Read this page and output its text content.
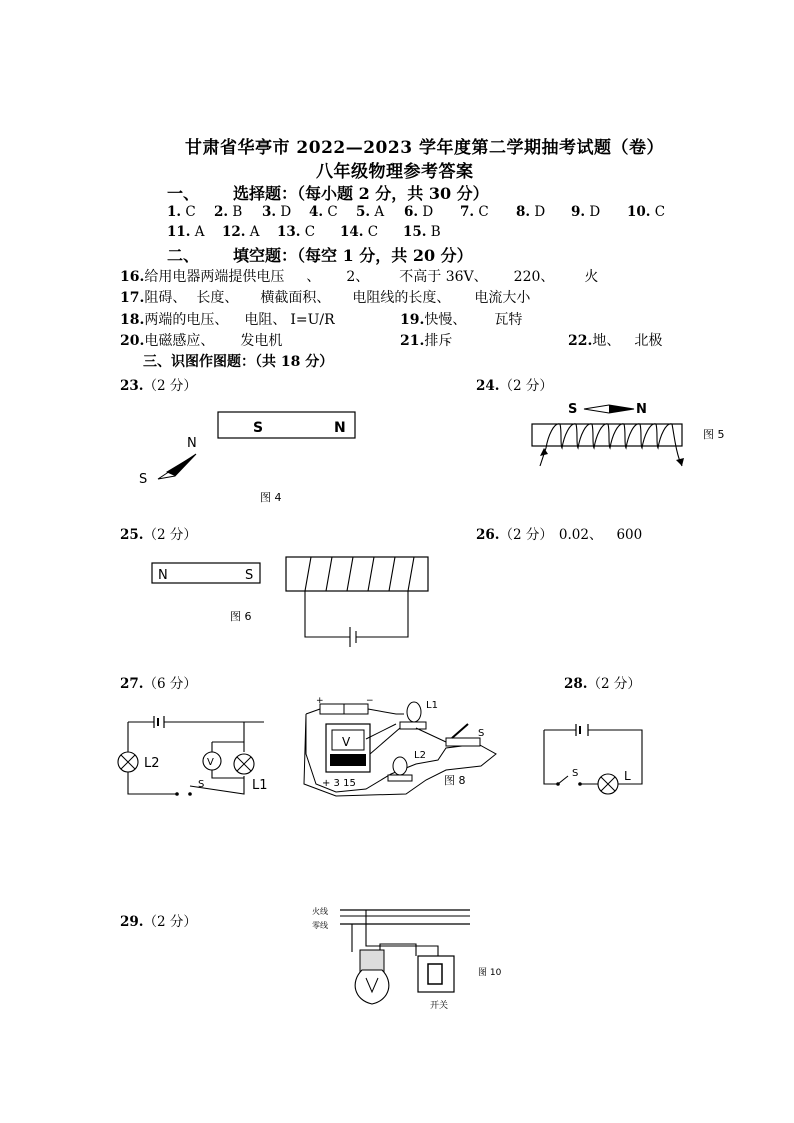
甘肃省华亭市 2022—2023 学年度第二学期抽考试题（卷）
八年级物理参考答案
一、 选择题：（每小题 2 分，共 30 分）
1. C 2. B 3. D 4. C 5. A 6. D 7. C 8. D 9. D 10. C
11. A 12. A 13. C 14. C 15. B
二、 填空题：（每空 1 分，共 20 分）
16.给用电器两端提供电压 、 2、 不高于 36V、 220、 火
17.阻碍、 长度、 横截面积、 电阻线的长度、 电流大小
18.两端的电压、 电阻、 I=U/R	19.快慢、 瓦特
20.电磁感应、 发电机	21.排斥	22.地、 北极
三、识图作图题：（共 18 分）
23.（2 分）	24.（2 分）
25.（2 分）	26.（2 分） 0.02、 600
27.（6 分）	28.（2 分）
29.（2 分）
S	N
N
S
图 4
S	N
图 5
N	S
图 6
V
L2
L1
S
+	−
V
+ 3 15
L1
L2
S
图 8
S	L
火线
零线
开关
图 10
